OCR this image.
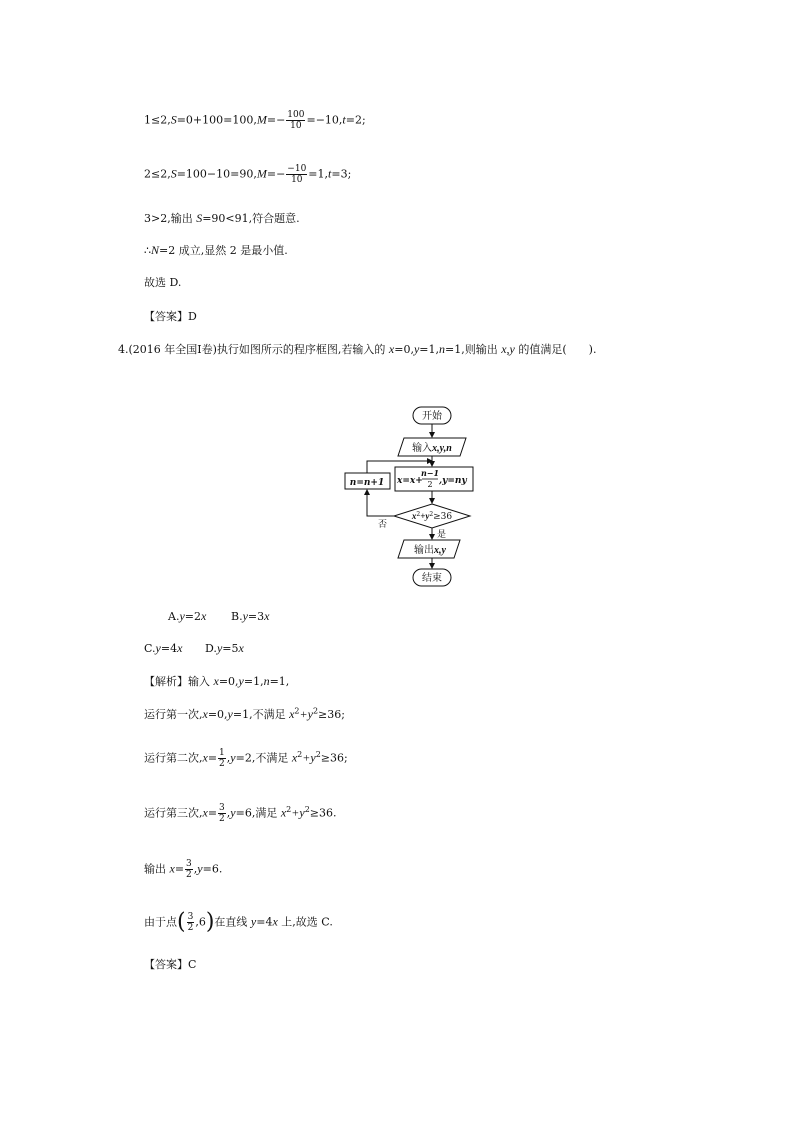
$1\le 2,S=0+100=100,M=- \frac{100}{10} =-10,t=2$;
$2\le 2,S=100-10=90,M=- \frac{-10}{10} =1,t=3$;
3>2,输出 S=90<91,符合题意.
∴N=2 成立,显然 2 是最小值.
故选 D.
【答案】D
4.(2016 年全国Ⅰ卷)执行如图所示的程序框图,若输入的 x=0,y=1,n=1,则输出 x,y 的值满足(　　).
开始
输入x,y,n
x=x+
n−1
2 ,y=ny
$x^2+y^2\ge 36$
n=n+1
否
是
输出x,y
结束
A.y=2x B.y=3x
C.y=4x D.y=5x
【解析】输入 x=0,y=1,n=1,
运行第一次,x=0,y=1,不满足 $x^2+y^2\ge 36$;
运行第二次$,x= \frac{1}{2} ,y=2$,不满足 $x^2+y^2\ge 36$;
运行第三次$,x= \frac{3}{2} ,y=6$,满足 $x^2+y^2\ge 36$.
输出 $x= \frac{3}{2} ,y=6$.
由于点( $\frac{3}{2} ,6$)在直线 y=4x 上,故选 C.
【答案】C
